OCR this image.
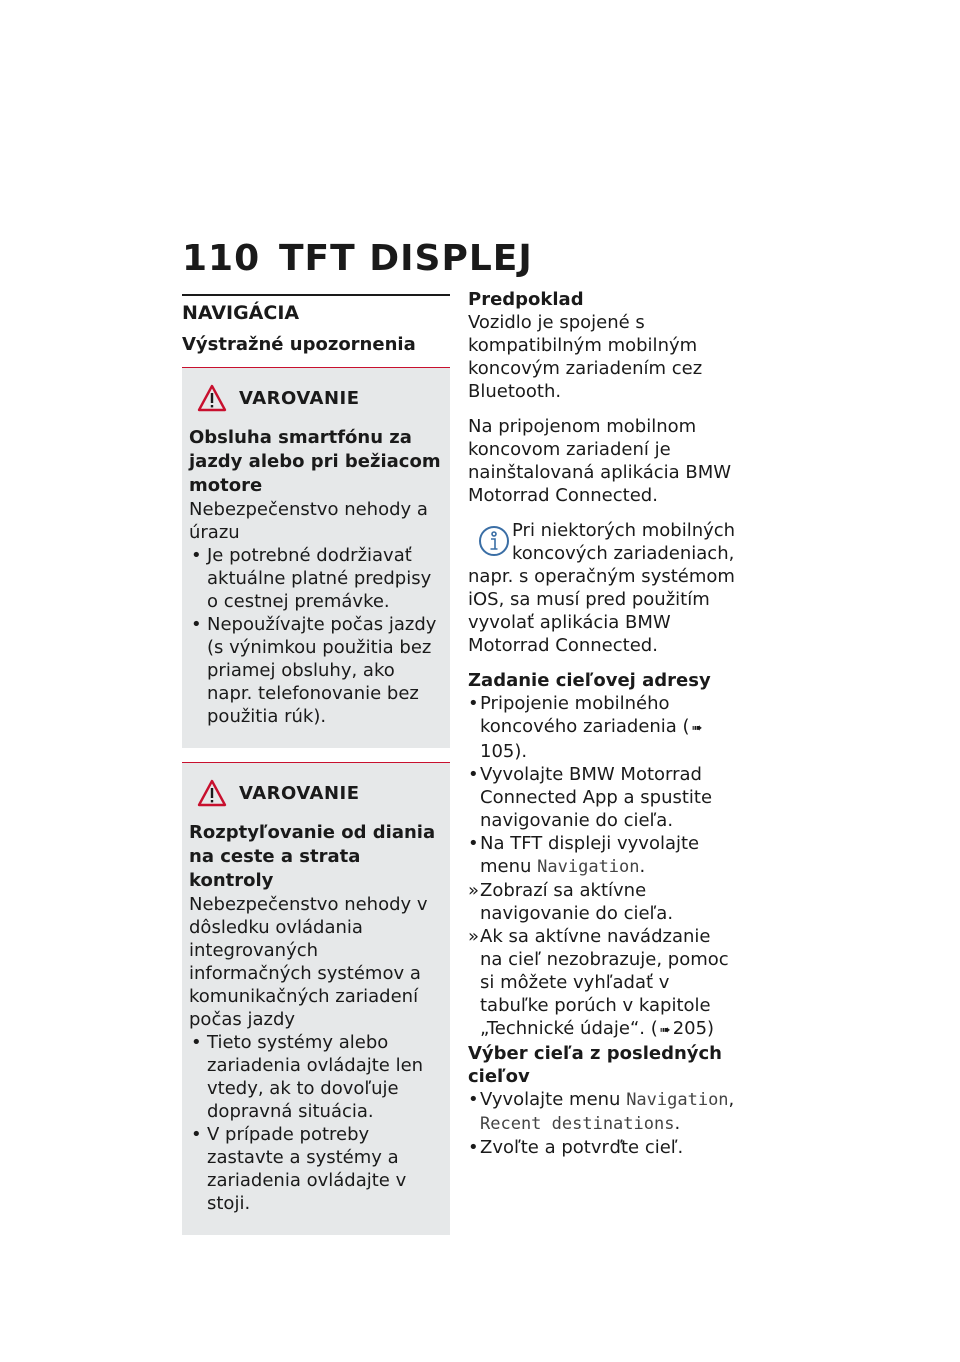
110 TFT DISPLEJ
NAVIGÁCIA
Výstražné upozornenia
VAROVANIE
Obsluha smartfónu za jazdy alebo pri bežiacom motore
Nebezpečenstvo nehody a úrazu
• Je potrebné dodržiavať aktuálne platné predpisy o cestnej premávke.
• Nepoužívajte počas jazdy (s výnimkou použitia bez priamej obsluhy, ako napr. telefonovanie bez použitia rúk).
VAROVANIE
Rozptyľovanie od diania na ceste a strata kontroly
Nebezpečenstvo nehody v dôsledku ovládania integrovaných informačných systémov a komunikačných zariadení počas jazdy
• Tieto systémy alebo zariadenia ovládajte len vtedy, ak to dovoľuje dopravná situácia.
• V prípade potreby zastavte a systémy a zariadenia ovládajte v stoji.
Predpoklad
Vozidlo je spojené s kompatibilným mobilným koncovým zariadením cez Bluetooth.
Na pripojenom mobilnom koncovom zariadení je nainštalovaná aplikácia BMW Motorrad Connected.
Pri niektorých mobilných koncových zariadeniach,
napr. s operačným systémom iOS, sa musí pred použitím vyvolať aplikácia BMW Motorrad Connected.
Zadanie cieľovej adresy
• Pripojenie mobilného koncového zariadenia ( ➠105).
• Vyvolajte BMW Motorrad Connected App a spustite navigovanie do cieľa.
• Na TFT displeji vyvolajte menu Navigation.
» Zobrazí sa aktívne navigovanie do cieľa.
» Ak sa aktívne navádzanie na cieľ nezobrazuje, pomoc si môžete vyhľadať v tabuľke porúch v kapitole „Technické údaje“. ( ➠ 205)
Výber cieľa z posledných cieľov
• Vyvolajte menu Navigation, Recent destinations.
• Zvoľte a potvrďte cieľ.
